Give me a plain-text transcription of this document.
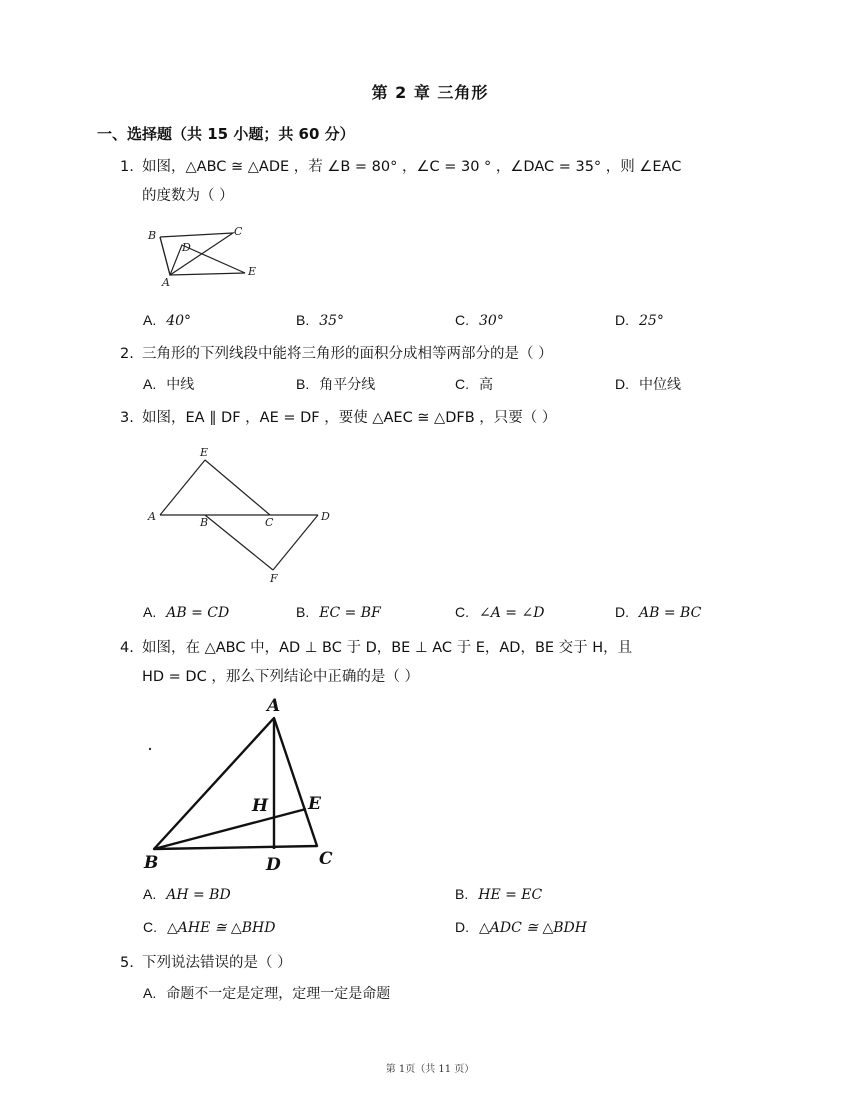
第 2 章 三角形
一、选择题（共 15 小题；共 60 分）
1. 如图，△ABC ≅ △ADE ，若 ∠B = 80° ，∠C = 30 ° ，∠DAC = 35° ，则 ∠EAC
的度数为（ ）
B	C
D
A
E
A. 40°	B. 35°	C. 30°	D. 25°
2. 三角形的下列线段中能将三角形的面积分成相等两部分的是（ ）
A. 中线	B. 角平分线	C. 高	D. 中位线
3. 如图，EA ∥ DF ，AE = DF ，要使 △AEC ≅ △DFB ，只要（ ）
E
A	B	C	D
F
A. AB = CD	B. EC = BF	C. ∠A = ∠D	D. AB = BC
4. 如图，在 △ABC 中，AD ⊥ BC 于 D，BE ⊥ AC 于 E，AD，BE 交于 H，且
HD = DC ，那么下列结论中正确的是（ ）
A
H E
B	D C
A. AH = BD	B. HE = EC
C. △AHE ≅ △BHD	D. △ADC ≅ △BDH
5. 下列说法错误的是（ ）
A. 命题不一定是定理，定理一定是命题
第 1页（共 11 页）
